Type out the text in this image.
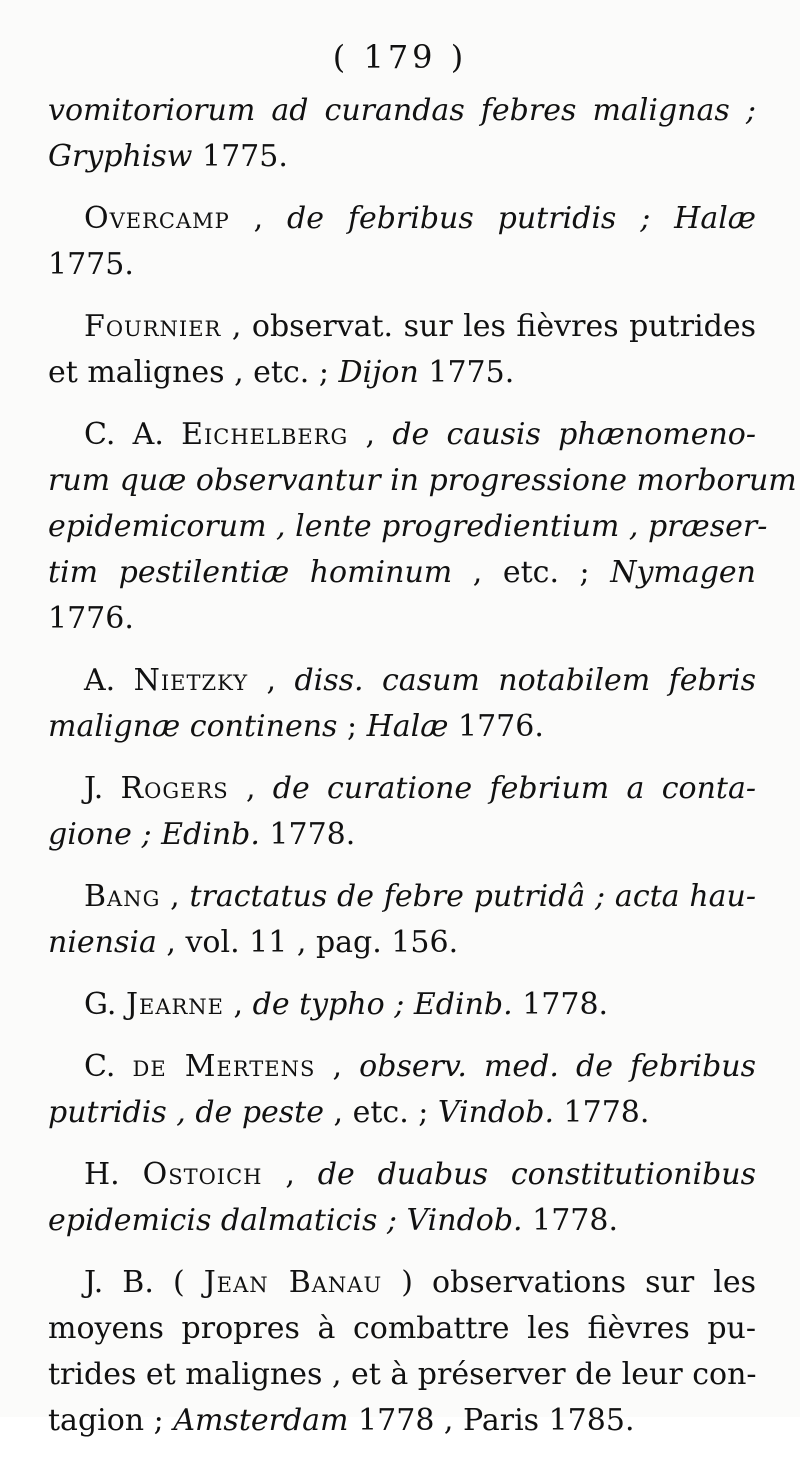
( 179 )
vomitoriorum ad curandas febres malignas ;
Gryphisw 1775.
Overcamp , de febribus putridis ; Halæ
1775.
Fournier , observat. sur les fièvres putrides
et malignes , etc. ; Dijon 1775.
C. A. Eichelberg , de causis phænomeno-
rum quæ observantur in progressione morborum
epidemicorum , lente progredientium , præser-
tim pestilentiæ hominum , etc. ; Nymagen
1776.
A. Nietzky , diss. casum notabilem febris
malignæ continens ; Halæ 1776.
J. Rogers , de curatione febrium a conta-
gione ; Edinb. 1778.
Bang , tractatus de febre putridâ ; acta hau-
niensia , vol. 11 , pag. 156.
G. Jearne , de typho ; Edinb. 1778.
C. de Mertens , observ. med. de febribus
putridis , de peste , etc. ; Vindob. 1778.
H. Ostoich , de duabus constitutionibus
epidemicis dalmaticis ; Vindob. 1778.
J. B. ( Jean Banau ) observations sur les
moyens propres à combattre les fièvres pu-
trides et malignes , et à préserver de leur con-
tagion ; Amsterdam 1778 , Paris 1785.
